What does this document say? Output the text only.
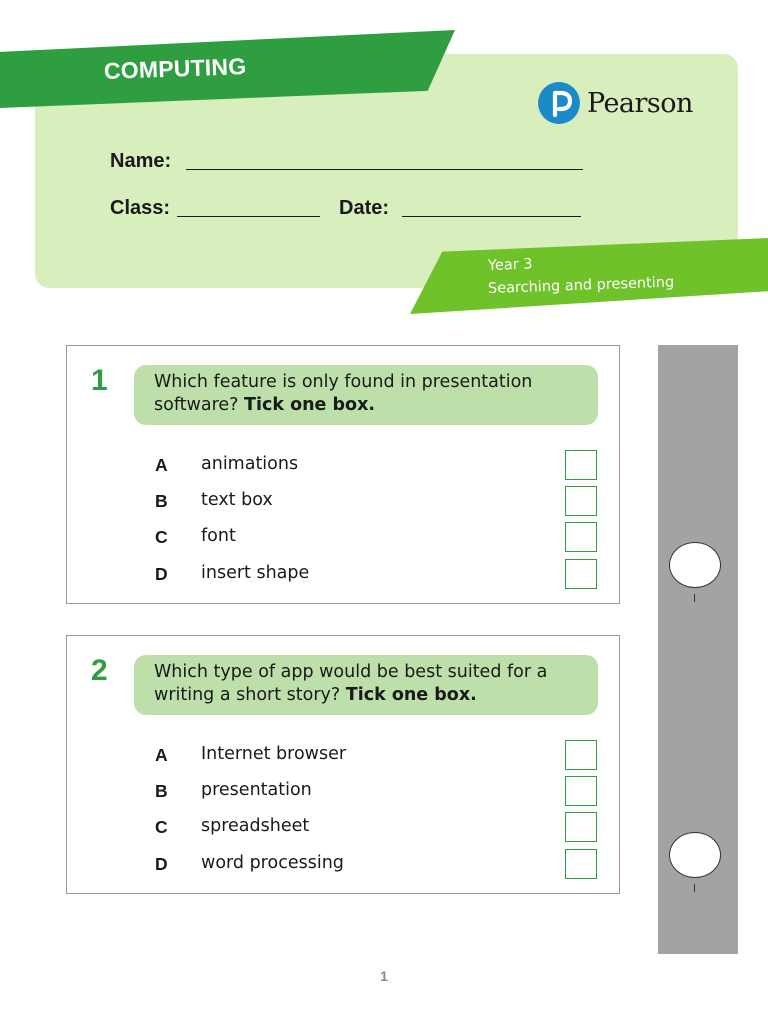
COMPUTING
Pearson
Name:
Class:	Date:
Year 3
Searching and presenting
1	Which feature is only found in presentation software? Tick one box.
A animations
B text box
C font
D insert shape
2	Which type of app would be best suited for a writing a short story? Tick one box.
A Internet browser
B presentation
C spreadsheet
D word processing
1
